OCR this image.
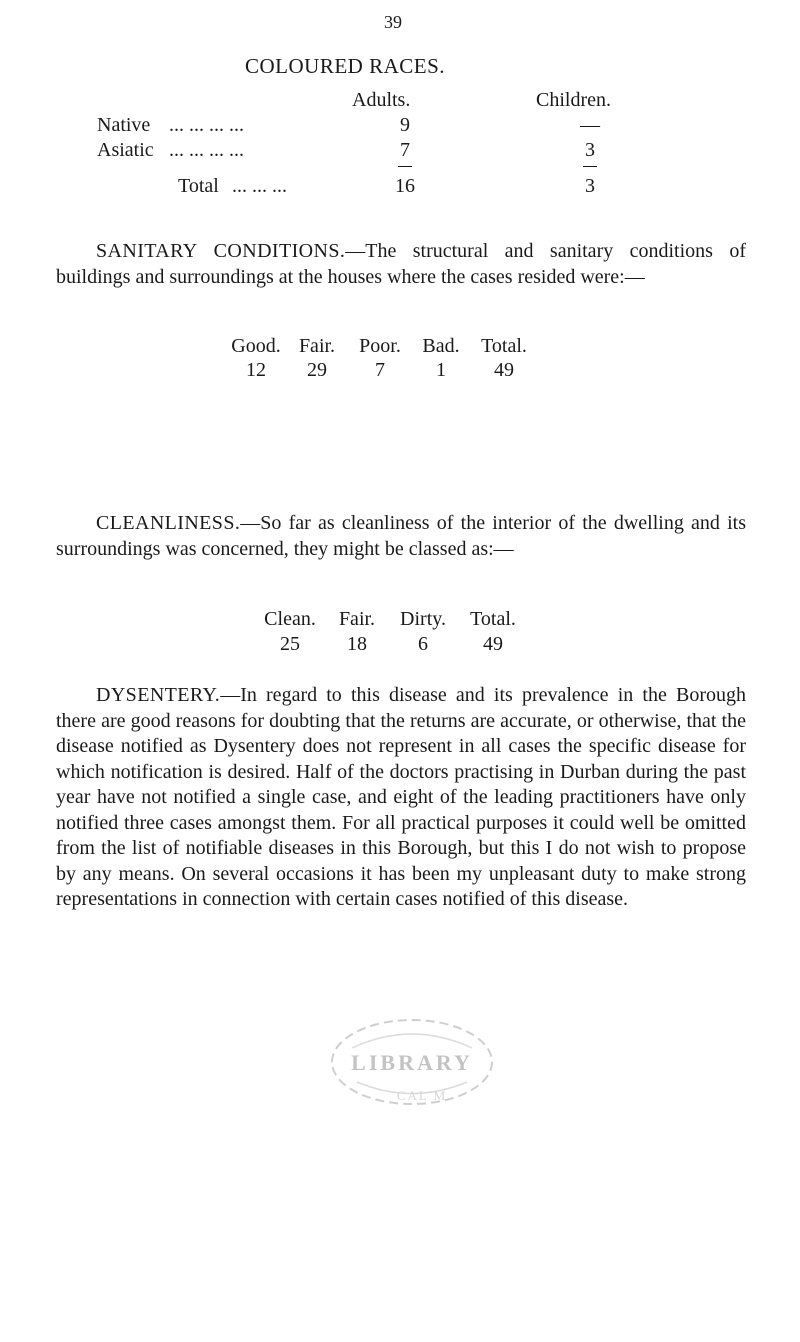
39
COLOURED RACES.
Adults.	Children.
Native ... ... ... ...	9	—
Asiatic ... ... ... ...	7	3
Total ... ... ...	16	3

SANITARY CONDITIONS.—The structural and sanitary conditions of buildings and surroundings at the houses where the cases resided were:—

Good. Fair.	Poor.	Bad.	Total.
12	29	7	1	49

CLEANLINESS.—So far as cleanliness of the interior of the dwelling and its surroundings was concerned, they might be classed as:—

Clean.	Fair.	Dirty.	Total.
25	18	6	49

DYSENTERY.—In regard to this disease and its prevalence in the Borough there are good reasons for doubting that the returns are accurate, or otherwise, that the disease notified as Dysentery does not represent in all cases the specific disease for which notification is desired. Half of the doctors practising in Durban during the past year have not notified a single case, and eight of the leading practitioners have only notified three cases amongst them. For all practical purposes it could well be omitted from the list of notifiable diseases in this Borough, but this I do not wish to propose by any means. On several occasions it has been my unpleasant duty to make strong representations in connection with certain cases notified of this disease.

LIBRARY
CAL M
